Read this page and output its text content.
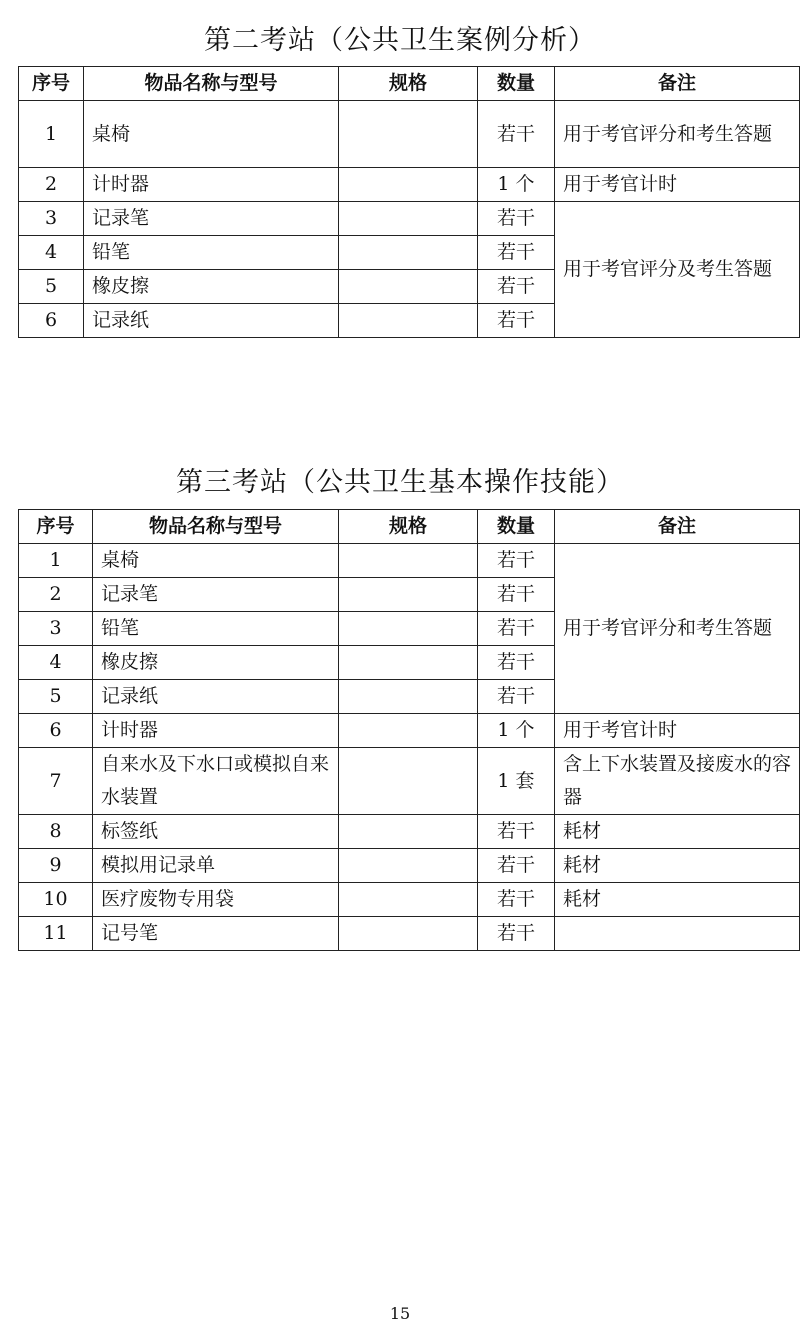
第二考站（公共卫生案例分析）
序号	物品名称与型号	规格	数量	备注
1	桌椅		若干	用于考官评分和考生答题
2	计时器		1 个	用于考官计时
3	记录笔		若干	用于考官评分及考生答题
4	铅笔		若干	
5	橡皮擦		若干	
6	记录纸		若干	
第三考站（公共卫生基本操作技能）
序号	物品名称与型号	规格	数量	备注
1	桌椅		若干	用于考官评分和考生答题
2	记录笔		若干	
3	铅笔		若干	
4	橡皮擦		若干	
5	记录纸		若干	
6	计时器		1 个	用于考官计时
7	自来水及下水口或模拟自来水装置		1 套	含上下水装置及接废水的容器
8	标签纸		若干	耗材
9	模拟用记录单		若干	耗材
10	医疗废物专用袋		若干	耗材
11	记号笔		若干	
15
